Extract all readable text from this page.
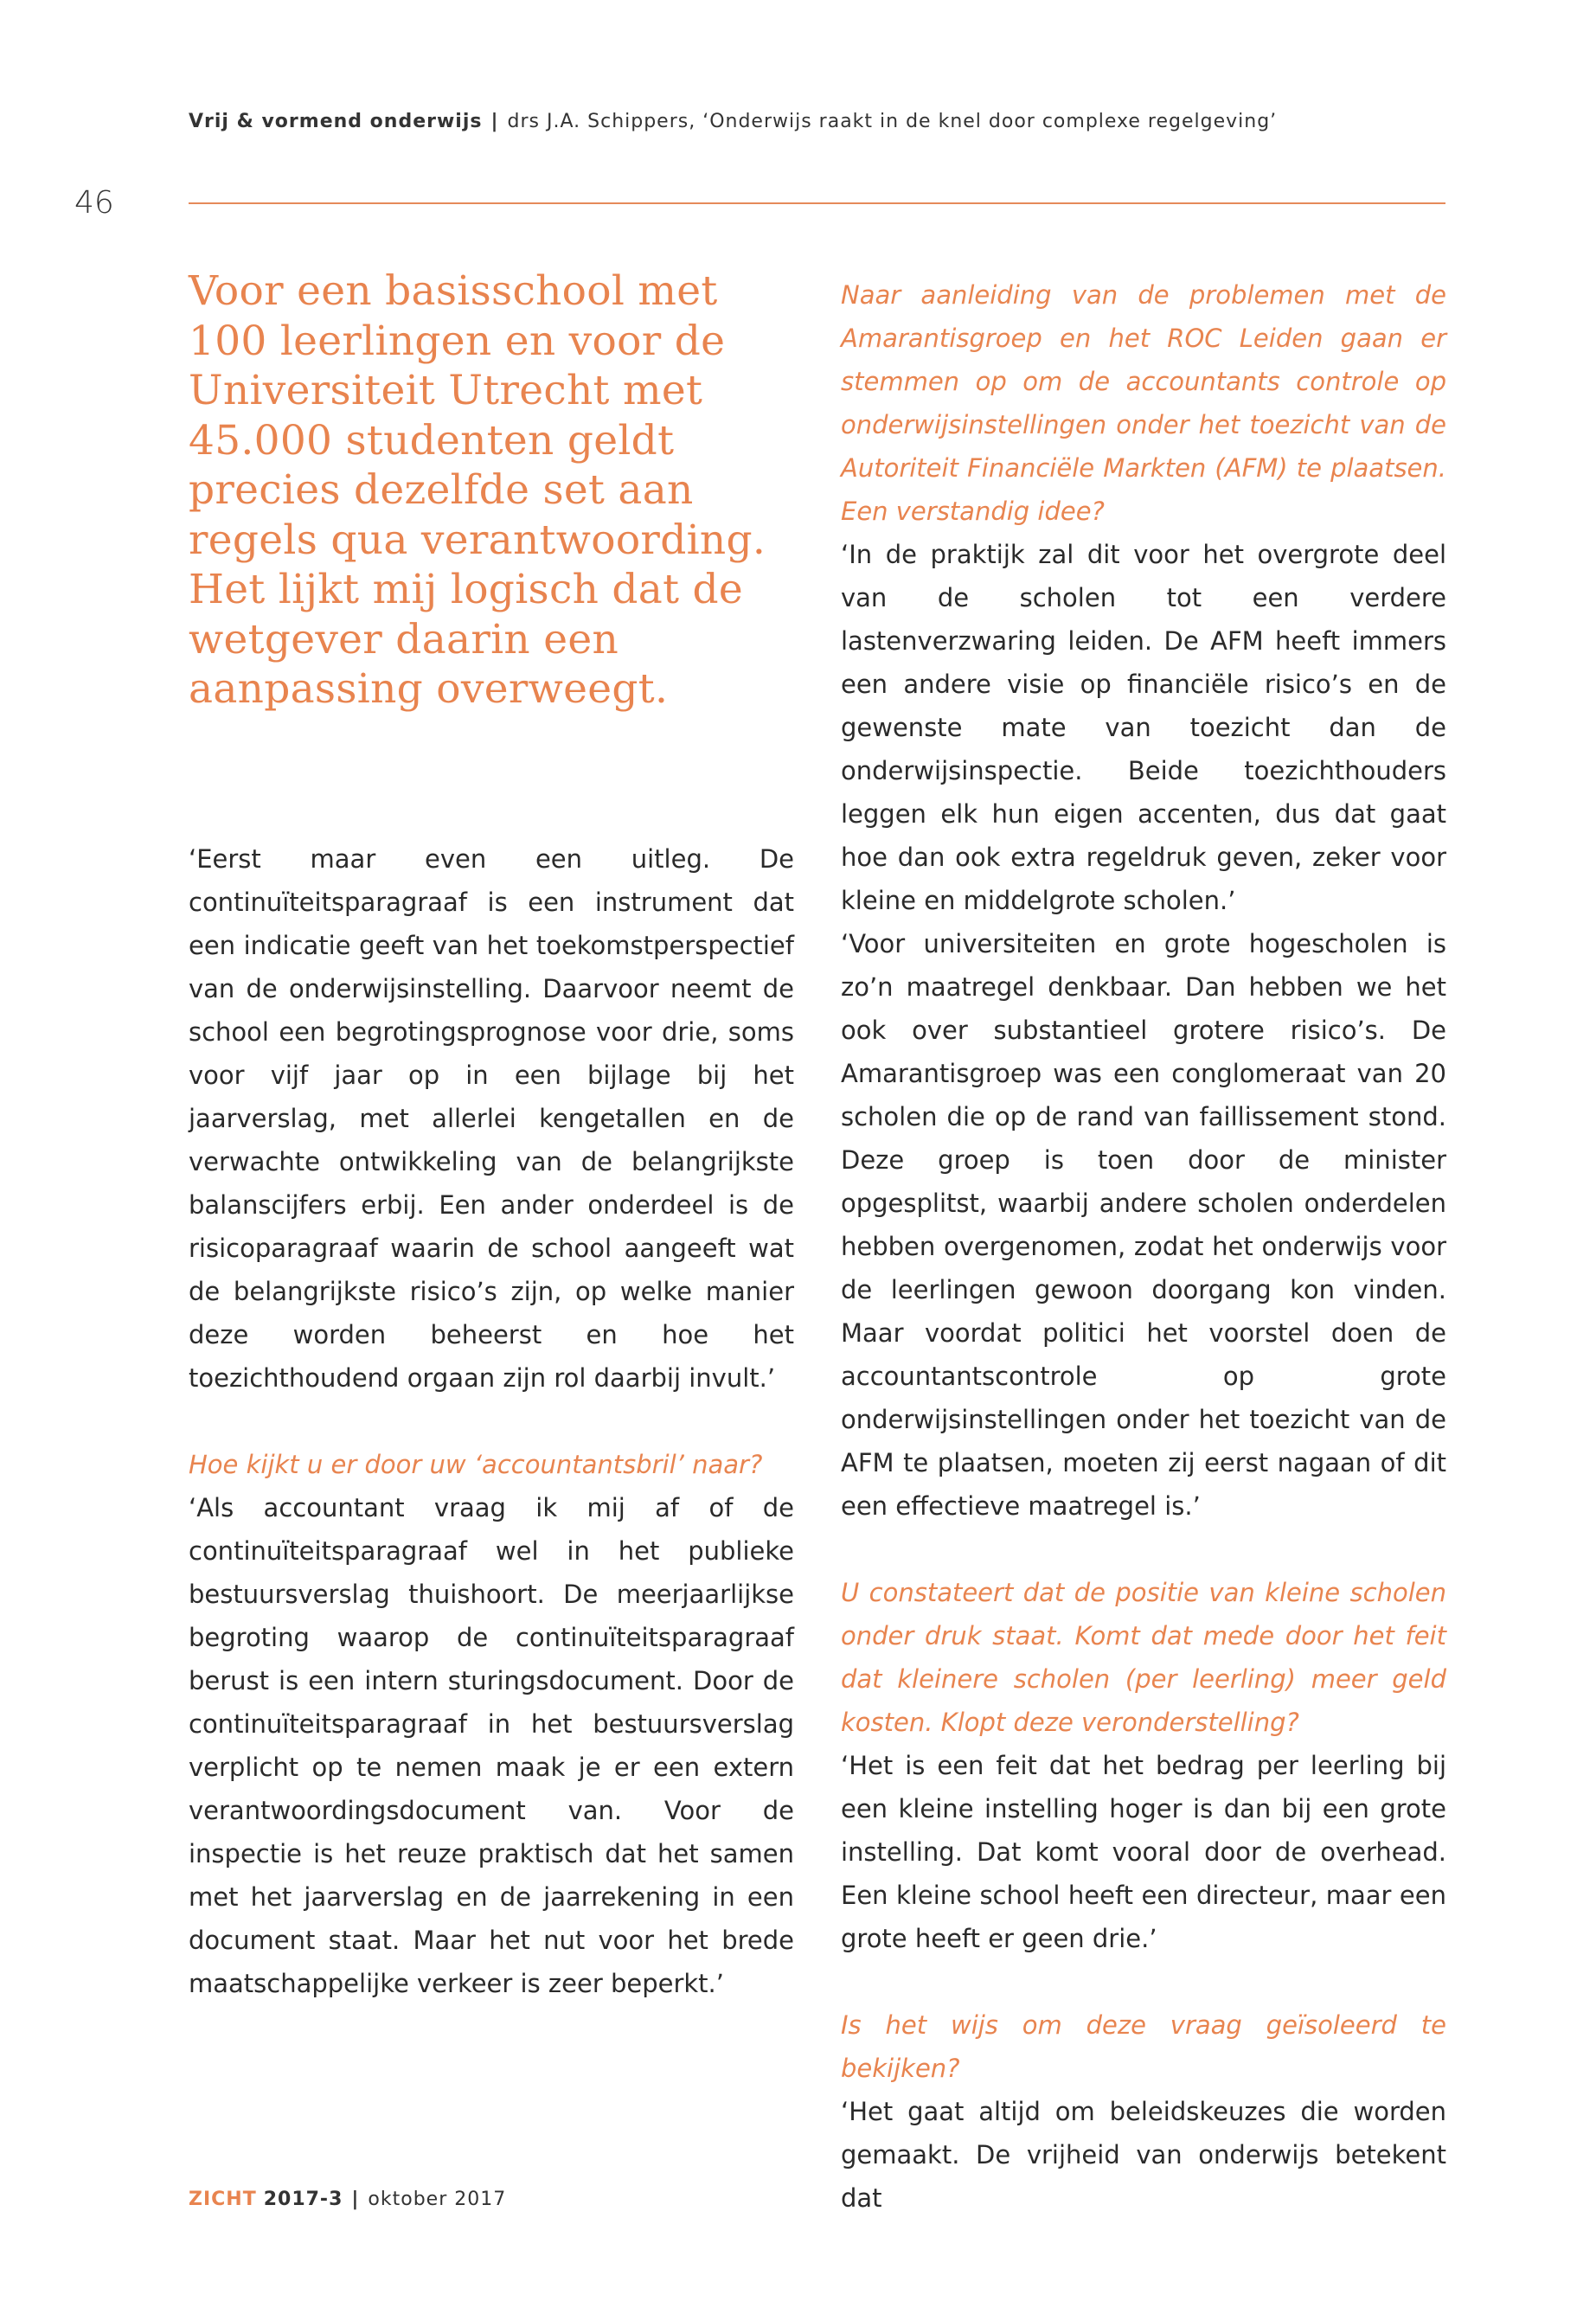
Vrij & vormend onderwijs | drs J.A. Schippers, ‘Onderwijs raakt in de knel door complexe regelgeving’
46
Voor een basisschool met 100 leerlingen en voor de Universiteit Utrecht met 45.000 studenten geldt precies dezelfde set aan regels qua verantwoording. Het lijkt mij logisch dat de wetgever daarin een aanpassing overweegt.

‘Eerst maar even een uitleg. De continuïteitsparagraaf is een instrument dat een indicatie geeft van het toekomstperspectief van de onderwijsinstelling. Daarvoor neemt de school een begrotingsprognose voor drie, soms voor vijf jaar op in een bijlage bij het jaarverslag, met allerlei kengetallen en de verwachte ontwikkeling van de belangrijkste balanscijfers erbij. Een ander onderdeel is de risicoparagraaf waarin de school aangeeft wat de belangrijkste risico’s zijn, op welke manier deze worden beheerst en hoe het toezichthoudend orgaan zijn rol daarbij invult.’

Hoe kijkt u er door uw ‘accountantsbril’ naar?

‘Als accountant vraag ik mij af of de continuïteitsparagraaf wel in het publieke bestuursverslag thuishoort. De meerjaarlijkse begroting waarop de continuïteitsparagraaf berust is een intern sturingsdocument. Door de continuïteitsparagraaf in het bestuursverslag verplicht op te nemen maak je er een extern verantwoordingsdocument van. Voor de inspectie is het reuze praktisch dat het samen met het jaarverslag en de jaarrekening in een document staat. Maar het nut voor het brede maatschappelijke verkeer is zeer beperkt.’

Naar aanleiding van de problemen met de Amarantisgroep en het ROC Leiden gaan er stemmen op om de accountants controle op onderwijsinstellingen onder het toezicht van de Autoriteit Financiële Markten (AFM) te plaatsen. Een verstandig idee?

‘In de praktijk zal dit voor het overgrote deel van de scholen tot een verdere lastenverzwaring leiden. De AFM heeft immers een andere visie op financiële risico’s en de gewenste mate van toezicht dan de onderwijsinspectie. Beide toezichthouders leggen elk hun eigen accenten, dus dat gaat hoe dan ook extra regeldruk geven, zeker voor kleine en middelgrote scholen.’

‘Voor universiteiten en grote hogescholen is zo’n maatregel denkbaar. Dan hebben we het ook over substantieel grotere risico’s. De Amarantisgroep was een conglomeraat van 20 scholen die op de rand van faillissement stond. Deze groep is toen door de minister opgesplitst, waarbij andere scholen onderdelen hebben overgenomen, zodat het onderwijs voor de leerlingen gewoon doorgang kon vinden. Maar voordat politici het voorstel doen de accountantscontrole op grote onderwijsinstellingen onder het toezicht van de AFM te plaatsen, moeten zij eerst nagaan of dit een effectieve maatregel is.’

U constateert dat de positie van kleine scholen onder druk staat. Komt dat mede door het feit dat kleinere scholen (per leerling) meer geld kosten. Klopt deze veronderstelling?

‘Het is een feit dat het bedrag per leerling bij een kleine instelling hoger is dan bij een grote instelling. Dat komt vooral door de overhead. Een kleine school heeft een directeur, maar een grote heeft er geen drie.’

Is het wijs om deze vraag geïsoleerd te bekijken?

‘Het gaat altijd om beleidskeuzes die worden gemaakt. De vrijheid van onderwijs betekent dat

ZICHT 2017-3 | oktober 2017
